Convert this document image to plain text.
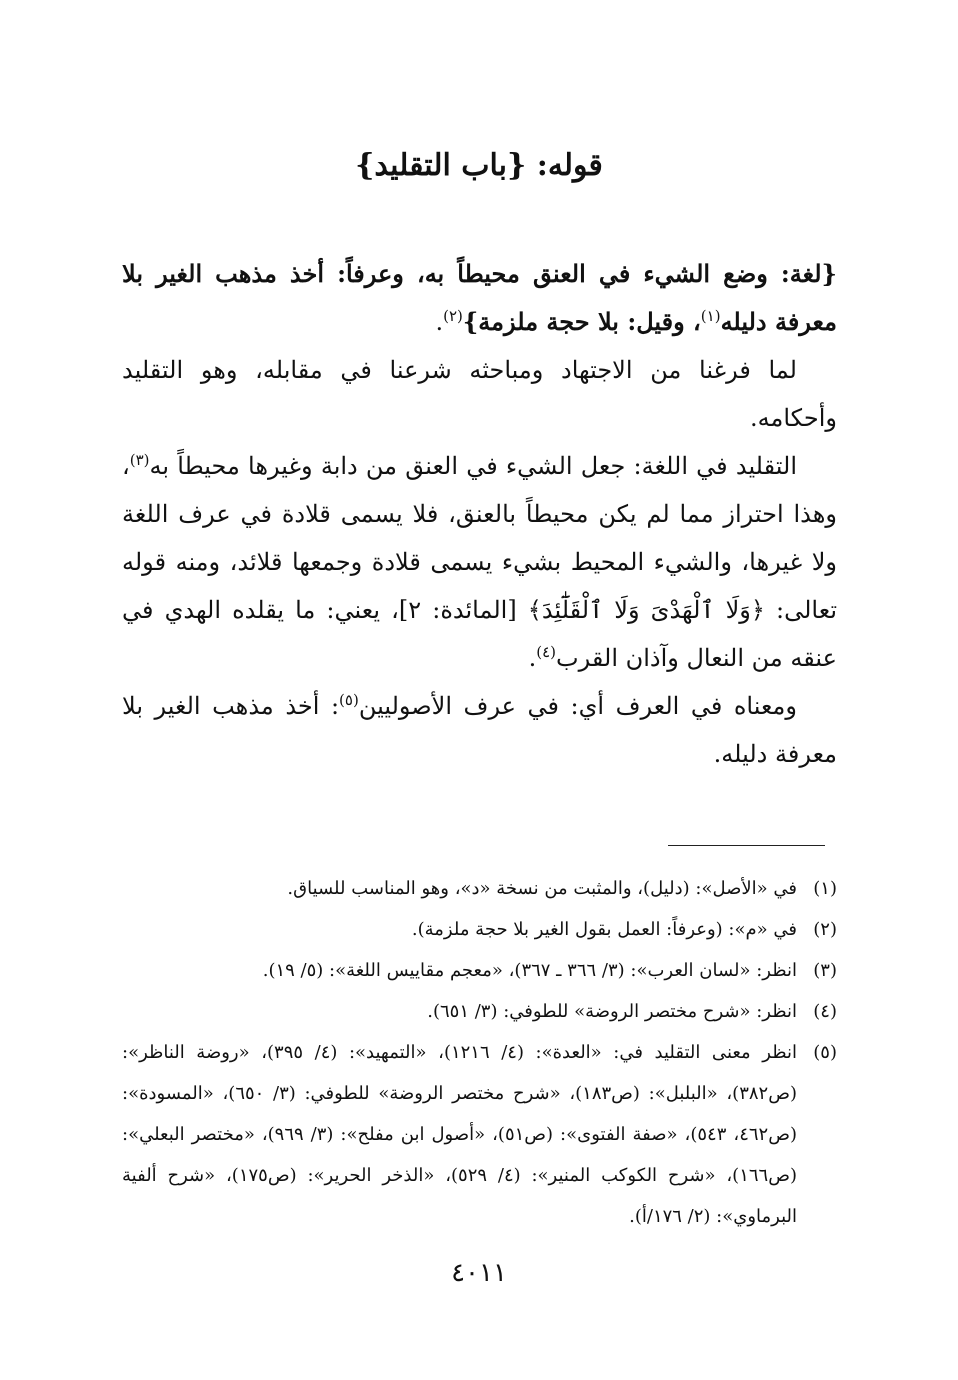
قوله: {باب التقليد}

{لغة: وضع الشيء في العنق محيطاً به، وعرفاً: أخذ مذهب الغير بلا معرفة دليله$^{(١)}$، وقيل: بلا حجة ملزمة}$^{(٢)}$.

لما فرغنا من الاجتهاد ومباحثه شرعنا في مقابله، وهو التقليد وأحكامه.

التقليد في اللغة: جعل الشيء في العنق من دابة وغيرها محيطاً به$^{(٣)}$، وهذا احتراز مما لم يكن محيطاً بالعنق، فلا يسمى قلادة في عرف اللغة ولا غيرها، والشيء المحيط بشيء يسمى قلادة وجمعها قلائد، ومنه قوله تعالى: ﴿وَلَا ٱلْهَدْىَ وَلَا ٱلْقَلَٰٓئِدَ﴾ [المائدة: ٢]، يعني: ما يقلده الهدي في عنقه من النعال وآذان القرب$^{(٤)}$.

ومعناه في العرف أي: في عرف الأصوليين$^{(٥)}$: أخذ مذهب الغير بلا معرفة دليله.

(١)
في «الأصل»: (دليل)، والمثبت من نسخة «د»، وهو المناسب للسياق.
(٢)
في «م»: (وعرفاً: العمل بقول الغير بلا حجة ملزمة).
(٣)
انظر: «لسان العرب»: (٣/ ٣٦٦ ـ ٣٦٧)، «معجم مقاييس اللغة»: (٥/ ١٩).
(٤)
انظر: «شرح مختصر الروضة» للطوفي: (٣/ ٦٥١).
(٥)
انظر معنى التقليد في: «العدة»: (٤/ ١٢١٦)، «التمهيد»: (٤/ ٣٩٥)، «روضة الناظر»: (ص٣٨٢)، «البلبل»: (ص١٨٣)، «شرح مختصر الروضة» للطوفي: (٣/ ٦٥٠)، «المسودة»: (ص٤٦٢، ٥٤٣)، «صفة الفتوى»: (ص٥١)، «أصول ابن مفلح»: (٣/ ٩٦٩)، «مختصر البعلي»: (ص١٦٦)، «شرح الكوكب المنير»: (٤/ ٥٢٩)، «الذخر الحرير»: (ص١٧٥)، «شرح ألفية البرماوي»: (٢/ ١٧٦/أ).
٤٠١١
